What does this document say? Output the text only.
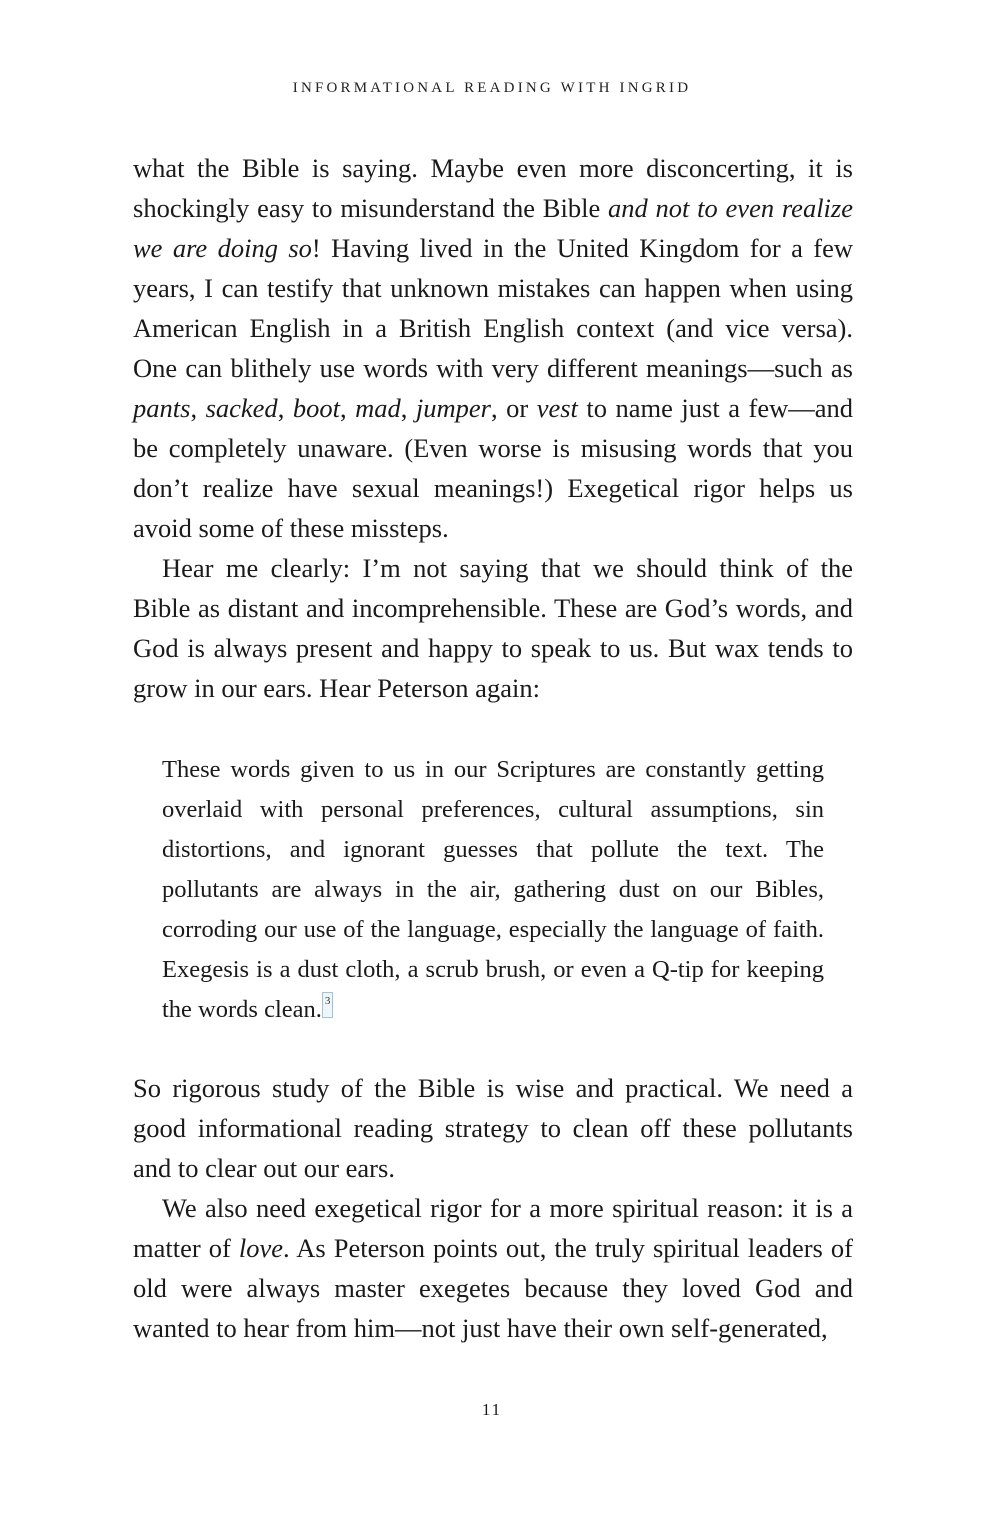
INFORMATIONAL READING WITH INGRID

what the Bible is saying. Maybe even more disconcerting, it is shockingly easy to misunderstand the Bible and not to even realize we are doing so! Having lived in the United Kingdom for a few years, I can testify that unknown mistakes can happen when using American English in a British English context (and vice versa). One can blithely use words with very different meanings—such as pants, sacked, boot, mad, jumper, or vest to name just a few—and be completely unaware. (Even worse is misusing words that you don’t realize have sexual meanings!) Exegetical rigor helps us avoid some of these missteps.

Hear me clearly: I’m not saying that we should think of the Bible as distant and incomprehensible. These are God’s words, and God is always present and happy to speak to us. But wax tends to grow in our ears. Hear Peterson again:

These words given to us in our Scriptures are constantly getting overlaid with personal preferences, cultural assumptions, sin distortions, and ignorant guesses that pollute the text. The pollutants are always in the air, gathering dust on our Bibles, corroding our use of the language, especially the language of faith. Exegesis is a dust cloth, a scrub brush, or even a Q-tip for keeping the words clean. 3

So rigorous study of the Bible is wise and practical. We need a good informational reading strategy to clean off these pollutants and to clear out our ears.

We also need exegetical rigor for a more spiritual reason: it is a matter of love. As Peterson points out, the truly spiritual leaders of old were always master exegetes because they loved God and wanted to hear from him—not just have their own self-generated,

11
